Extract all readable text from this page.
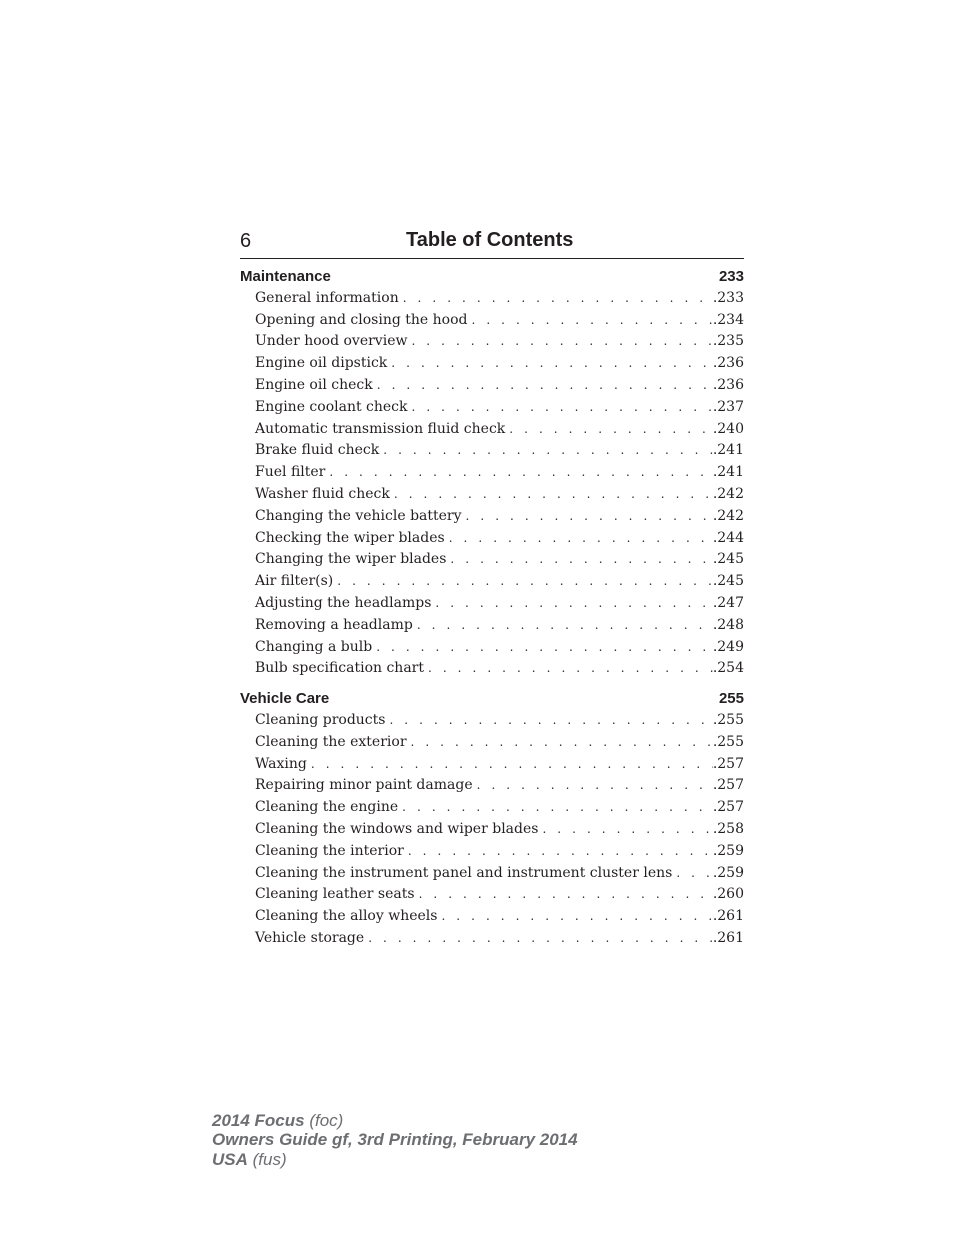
6	Table of Contents
Maintenance	233
General information . . .	.233
Opening and closing the hood . . .	.234
Under hood overview . . .	.235
Engine oil dipstick . . .	.236
Engine oil check . . .	.236
Engine coolant check . . .	.237
Automatic transmission fluid check . . .	.240
Brake fluid check . . .	.241
Fuel filter . . .	.241
Washer fluid check . . .	.242
Changing the vehicle battery . . .	.242
Checking the wiper blades . . .	.244
Changing the wiper blades . . .	.245
Air filter(s) . . .	.245
Adjusting the headlamps . . .	.247
Removing a headlamp . . .	.248
Changing a bulb . . .	.249
Bulb specification chart . . .	.254
Vehicle Care	255
Cleaning products . . .	.255
Cleaning the exterior . . .	.255
Waxing . . .	.257
Repairing minor paint damage . . .	.257
Cleaning the engine . . .	.257
Cleaning the windows and wiper blades . . .	.258
Cleaning the interior . . .	.259
Cleaning the instrument panel and instrument cluster lens . . .	.259
Cleaning leather seats . . .	.260
Cleaning the alloy wheels . . .	.261
Vehicle storage . . .	.261
2014 Focus (foc)
Owners Guide gf, 3rd Printing, February 2014
USA (fus)
